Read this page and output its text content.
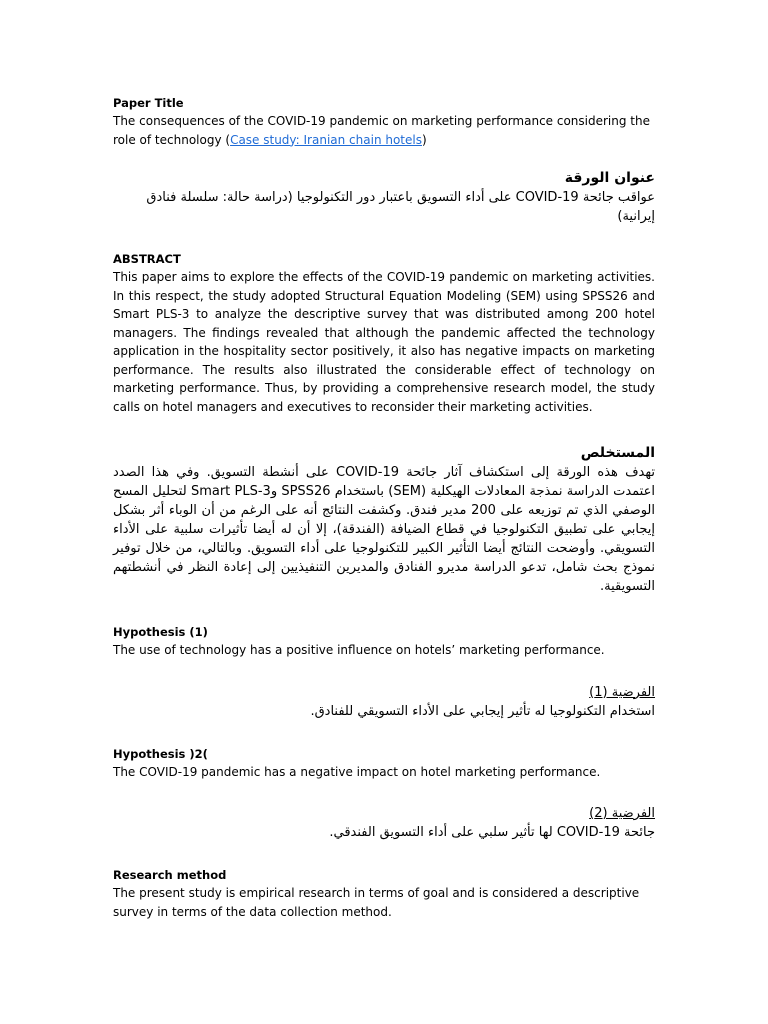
Paper Title

The consequences of the COVID-19 pandemic on marketing performance considering the role of technology (Case study: Iranian chain hotels)

عنوان الورقة

عواقب جائحة COVID-19 على أداء التسويق باعتبار دور التكنولوجيا (دراسة حالة: سلسلة فنادق إيرانية)

ABSTRACT

This paper aims to explore the effects of the COVID-19 pandemic on marketing activities. In this respect, the study adopted Structural Equation Modeling (SEM) using SPSS26 and Smart PLS-3 to analyze the descriptive survey that was distributed among 200 hotel managers. The findings revealed that although the pandemic affected the technology application in the hospitality sector positively, it also has negative impacts on marketing performance. The results also illustrated the considerable effect of technology on marketing performance. Thus, by providing a comprehensive research model, the study calls on hotel managers and executives to reconsider their marketing activities.

المستخلص

تهدف هذه الورقة إلى استكشاف آثار جائحة COVID-19 على أنشطة التسويق. وفي هذا الصدد اعتمدت الدراسة نمذجة المعادلات الهيكلية (SEM) باستخدام SPSS26 وSmart PLS-3 لتحليل المسح الوصفي الذي تم توزيعه على 200 مدير فندق. وكشفت النتائج أنه على الرغم من أن الوباء أثر بشكل إيجابي على تطبيق التكنولوجيا في قطاع الضيافة (الفندقة)، إلا أن له أيضا تأثيرات سلبية على الأداء التسويقي. وأوضحت النتائج أيضا التأثير الكبير للتكنولوجيا على أداء التسويق. وبالتالي، من خلال توفير نموذج بحث شامل، تدعو الدراسة مديرو الفنادق والمديرين التنفيذيين إلى إعادة النظر في أنشطتهم التسويقية.

Hypothesis (1)

The use of technology has a positive influence on hotels’ marketing performance.

الفرضية (1)

استخدام التكنولوجيا له تأثير إيجابي على الأداء التسويقي للفنادق.

Hypothesis )2(

The COVID-19 pandemic has a negative impact on hotel marketing performance.

الفرضية (2)

جائحة COVID-19 لها تأثير سلبي على أداء التسويق الفندقي.

Research method

The present study is empirical research in terms of goal and is considered a descriptive survey in terms of the data collection method.
